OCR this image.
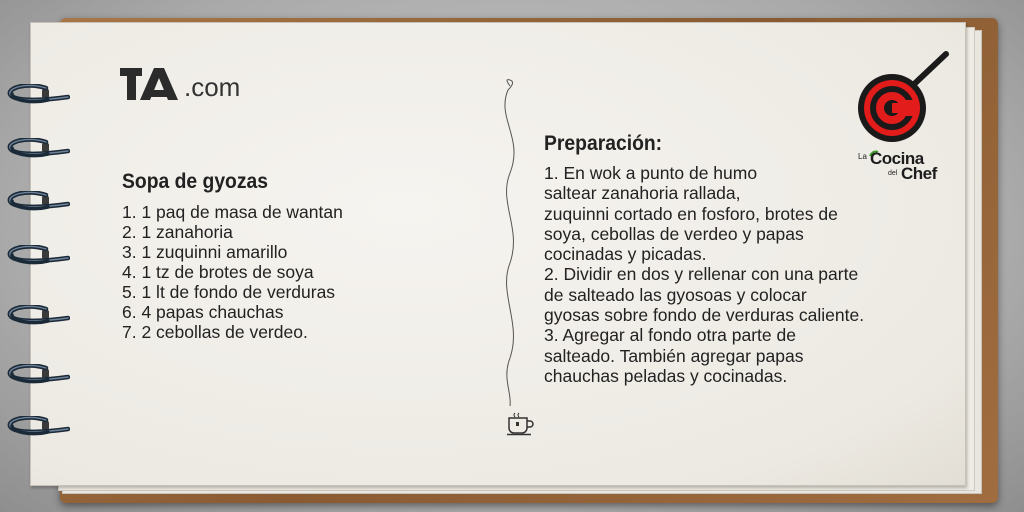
.com
Sopa de gyozas
1. 1 paq de masa de wantan
2. 1 zanahoria
3. 1 zuquinni amarillo
4. 1 tz de brotes de soya
5. 1 lt de fondo de verduras
6. 4 papas chauchas
7. 2 cebollas de verdeo.
Preparación:
1. En wok a punto de humo
saltear zanahoria rallada,
zuquinni cortado en fosforo, brotes de
soya, cebollas de verdeo y papas
cocinadas y picadas.
2. Dividir en dos y rellenar con una parte
de salteado las gyosoas y colocar
gyosas sobre fondo de verduras caliente.
3. Agregar al fondo otra parte de
salteado. También agregar papas
chauchas peladas y cocinadas.
La Cocina
del Chef
